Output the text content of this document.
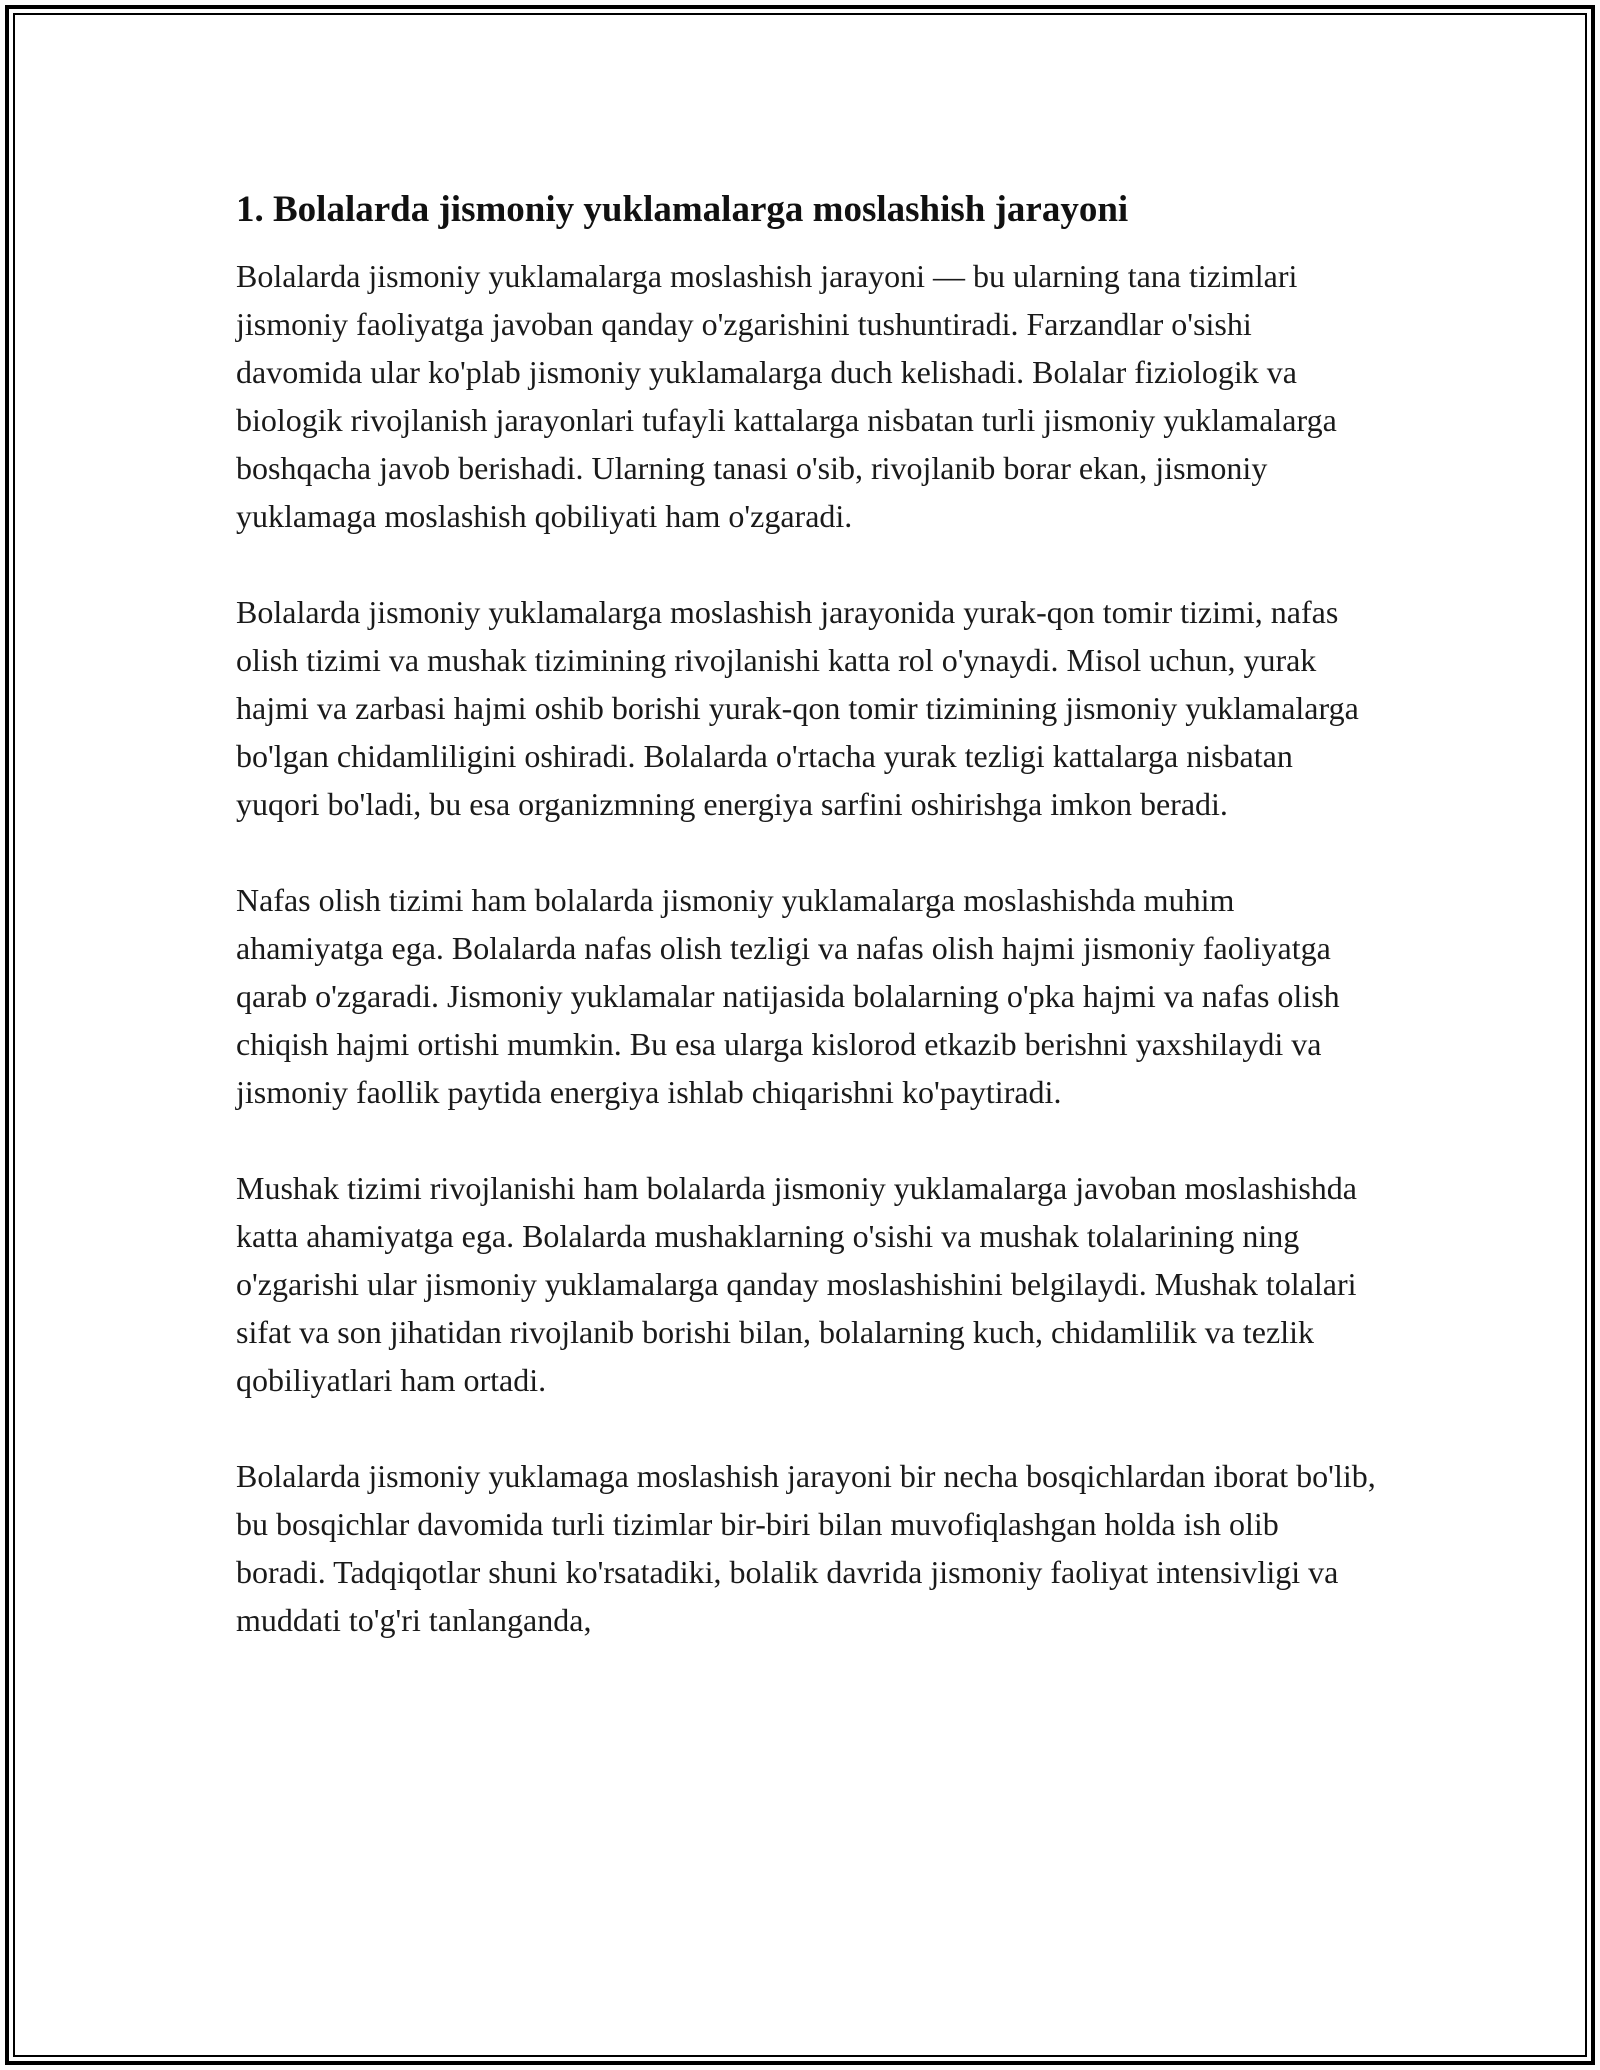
1. Bolalarda jismoniy yuklamalarga moslashish jarayoni

Bolalarda jismoniy yuklamalarga moslashish jarayoni — bu ularning tana tizimlari jismoniy faoliyatga javoban qanday o'zgarishini tushuntiradi. Farzandlar o'sishi davomida ular ko'plab jismoniy yuklamalarga duch kelishadi. Bolalar fiziologik va biologik rivojlanish jarayonlari tufayli kattalarga nisbatan turli jismoniy yuklamalarga boshqacha javob berishadi. Ularning tanasi o'sib, rivojlanib borar ekan, jismoniy yuklamaga moslashish qobiliyati ham o'zgaradi.

Bolalarda jismoniy yuklamalarga moslashish jarayonida yurak-qon tomir tizimi, nafas olish tizimi va mushak tizimining rivojlanishi katta rol o'ynaydi. Misol uchun, yurak hajmi va zarbasi hajmi oshib borishi yurak-qon tomir tizimining jismoniy yuklamalarga bo'lgan chidamliligini oshiradi. Bolalarda o'rtacha yurak tezligi kattalarga nisbatan yuqori bo'ladi, bu esa organizmning energiya sarfini oshirishga imkon beradi.

Nafas olish tizimi ham bolalarda jismoniy yuklamalarga moslashishda muhim ahamiyatga ega. Bolalarda nafas olish tezligi va nafas olish hajmi jismoniy faoliyatga qarab o'zgaradi. Jismoniy yuklamalar natijasida bolalarning o'pka hajmi va nafas olish chiqish hajmi ortishi mumkin. Bu esa ularga kislorod etkazib berishni yaxshilaydi va jismoniy faollik paytida energiya ishlab chiqarishni ko'paytiradi.

Mushak tizimi rivojlanishi ham bolalarda jismoniy yuklamalarga javoban moslashishda katta ahamiyatga ega. Bolalarda mushaklarning o'sishi va mushak tolalarining ning o'zgarishi ular jismoniy yuklamalarga qanday moslashishini belgilaydi. Mushak tolalari sifat va son jihatidan rivojlanib borishi bilan, bolalarning kuch, chidamlilik va tezlik qobiliyatlari ham ortadi.

Bolalarda jismoniy yuklamaga moslashish jarayoni bir necha bosqichlardan iborat bo'lib, bu bosqichlar davomida turli tizimlar bir-biri bilan muvofiqlashgan holda ish olib boradi. Tadqiqotlar shuni ko'rsatadiki, bolalik davrida jismoniy faoliyat intensivligi va muddati to'g'ri tanlanganda,
